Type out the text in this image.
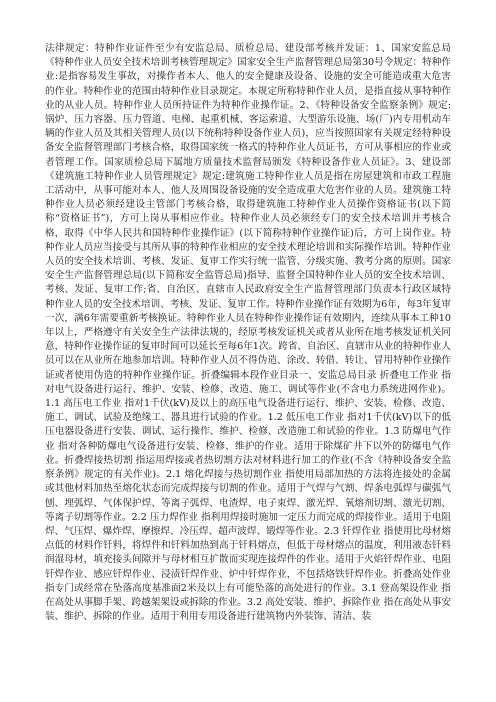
法律规定：特种作业证件至少有安监总局、质检总局、建设部考核并发证：1、国家安监总局《特种作业人员安全技术培训考核管理规定》国家安全生产监督管理总局第30号令规定：特种作业:是指容易发生事故，对操作者本人、他人的安全健康及设备、设施的安全可能造成重大危害的作业。特种作业的范围由特种作业目录规定。本规定所称特种作业人员，是指直接从事特种作业的从业人员。特种作业人员所持证件为特种作业操作证。2、《特种设备安全监察条例》规定:锅炉、压力容器、压力管道、电梯、起重机械、客运索道、大型游乐设施、场(厂)内专用机动车辆的作业人员及其相关管理人员(以下统称特种设备作业人员)，应当按照国家有关规定经特种设备安全监督管理部门考核合格，取得国家统一格式的特种作业人员证书，方可从事相应的作业或者管理工作。国家质检总局下属地方质量技术监督局颁发《特种设备作业人员证》。3、建设部《建筑施工特种作业人员管理规定》规定:建筑施工特种作业人员是指在房屋建筑和市政工程施工活动中，从事可能对本人、他人及周围设备设施的安全造成重大危害作业的人员。建筑施工特种作业人员必须经建设主管部门考核合格，取得建筑施工特种作业人员操作资格证书(以下简称“资格证书”)，方可上岗从事相应作业。特种作业人员必须经专门的安全技术培训并考核合格，取得《中华人民共和国特种作业操作证》(以下简称特种作业操作证)后，方可上岗作业。特种作业人员应当接受与其所从事的特种作业相应的安全技术理论培训和实际操作培训。特种作业人员的安全技术培训、考核、发证、复审工作实行统一监管、分级实施、教考分离的原则。国家安全生产监督管理总局(以下简称安全监管总局)指导、监督全国特种作业人员的安全技术培训、考核、发证、复审工作;省、自治区、直辖市人民政府安全生产监督管理部门负责本行政区域特种作业人员的安全技术培训、考核、发证、复审工作。特种作业操作证有效期为6年，每3年复审一次，满6年需要重新考核换证。特种作业人员在特种作业操作证有效期内，连续从事本工种10年以上，严格遵守有关安全生产法律法规的，经原考核发证机关或者从业所在地考核发证机关同意，特种作业操作证的复审时间可以延长至每6年1次。跨省、自治区、直辖市从业的特种作业人员可以在从业所在地参加培训。特种作业人员不得伪造、涂改、转借、转让、冒用特种作业操作证或者使用伪造的特种作业操作证。折叠编辑本段作业目录一、安监总局目录 折叠电工作业 指对电气设备进行运行、维护、安装、检修、改造、施工、调试等作业(不含电力系统进网作业)。1.1 高压电工作业 指对1千伏(kV)及以上的高压电气设备进行运行、维护、安装、检修、改造、施工、调试、试验及绝缘工、器具进行试验的作业。1.2 低压电工作业 指对1千伏(kV)以下的低压电器设备进行安装、调试、运行操作、维护、检修、改造施工和试验的作业。1.3 防爆电气作业 指对各种防爆电气设备进行安装、检修、维护的作业。适用于除煤矿井下以外的防爆电气作业。折叠焊接热切割 指运用焊接或者热切割方法对材料进行加工的作业(不含《特种设备安全监察条例》规定的有关作业)。2.1 熔化焊接与热切割作业 指使用局部加热的方法将连接处的金属或其他材料加热至熔化状态而完成焊接与切割的作业。适用于气焊与气割、焊条电弧焊与碳弧气刨、埋弧焊、气体保护焊、等离子弧焊、电渣焊、电子束焊、激光焊、氧熔剂切割、激光切割、等离子切割等作业。2.2 压力焊作业 指利用焊接时施加一定压力而完成的焊接作业。适用于电阻焊、气压焊、爆炸焊、摩擦焊、冷压焊、超声波焊、锻焊等作业。2.3 钎焊作业 指使用比母材熔点低的材料作钎料，将焊件和钎料加热到高于钎料熔点，但低于母材熔点的温度，利用液态钎料润湿母材，填充接头间隙并与母材相互扩散而实现连接焊件的作业。适用于火焰钎焊作业、电阻钎焊作业、感应钎焊作业、浸渍钎焊作业、炉中钎焊作业，不包括烙铁钎焊作业。折叠高处作业 指专门或经常在坠落高度基准面2米及以上有可能坠落的高处进行的作业。3.1 登高架设作业 指在高处从事脚手架、跨越架架设或拆除的作业。3.2 高处安装、维护、拆除作业 指在高处从事安装、维护、拆除的作业。适用于利用专用设备进行建筑物内外装饰、清洁、装
